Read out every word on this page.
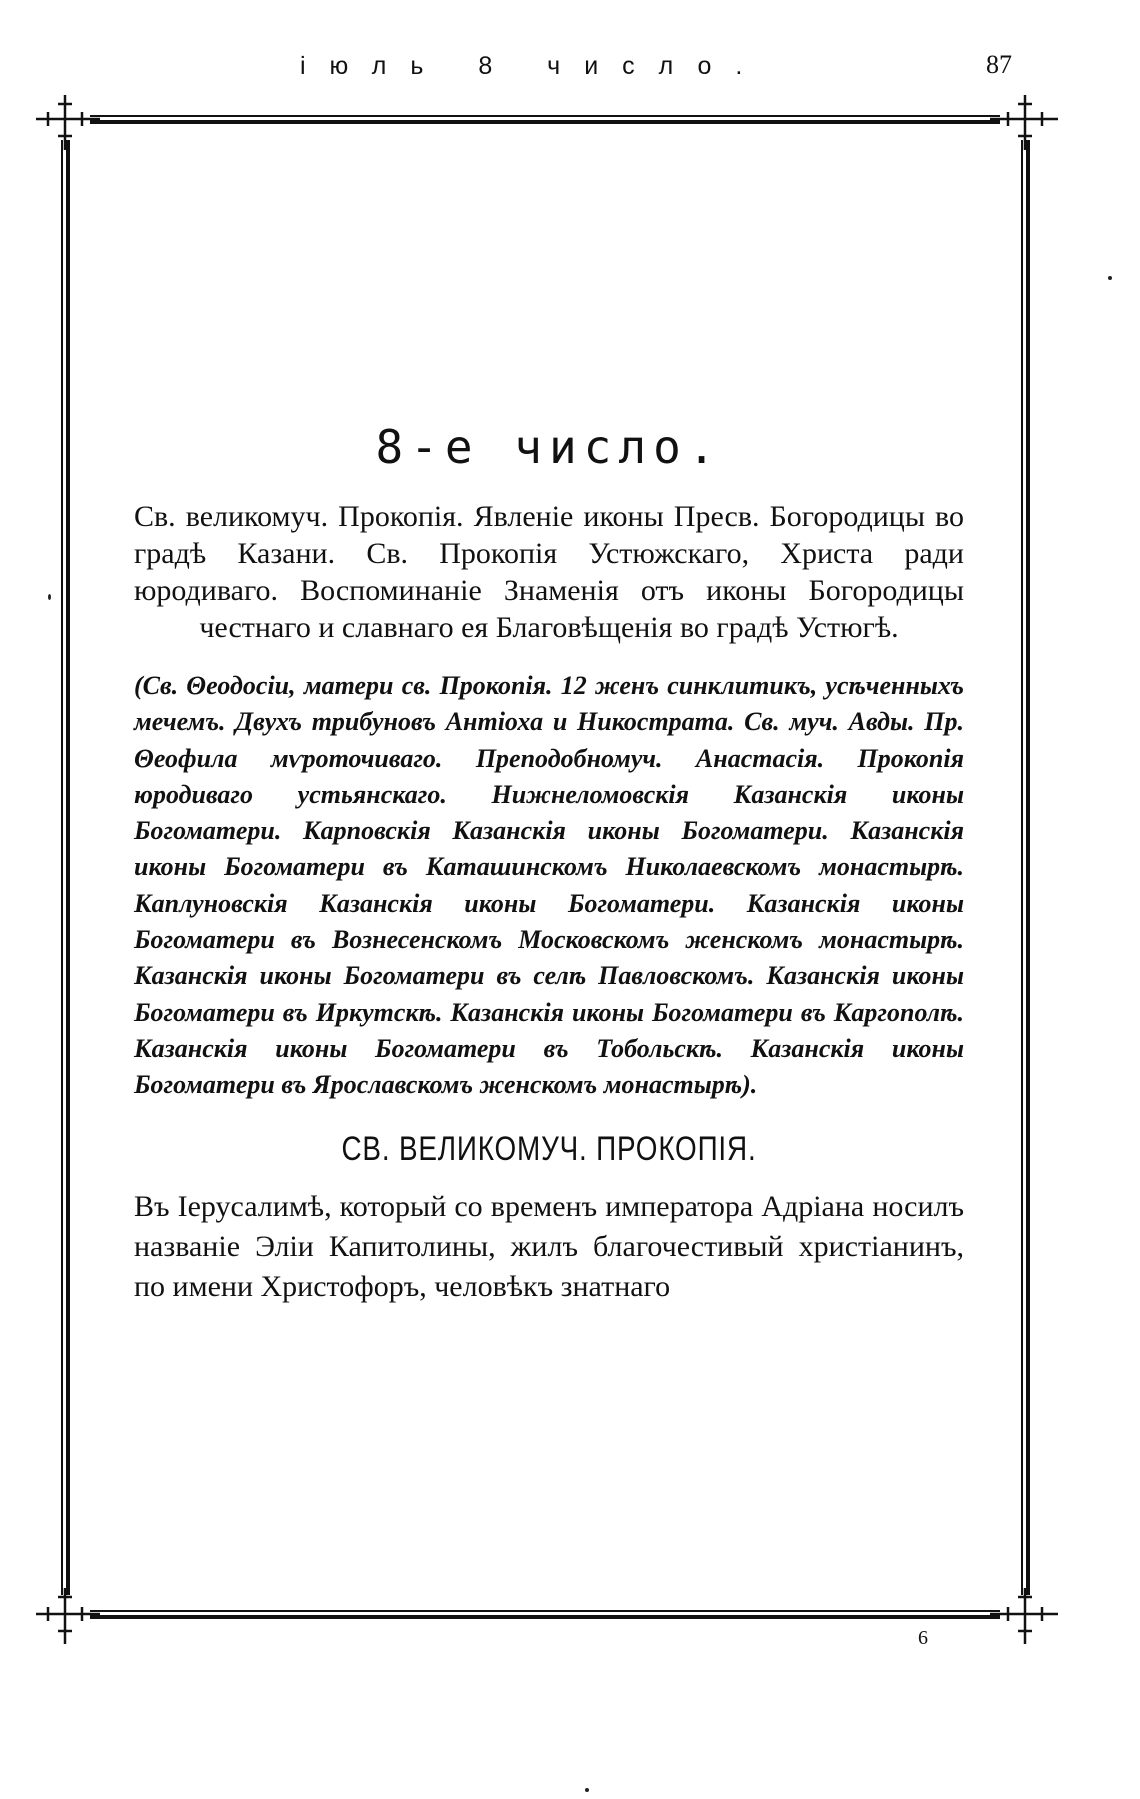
іюль 8 число.	87
8-е число.

Св. великомуч. Прокопія. Явленіе иконы Пресв. Богородицы во градѣ Казани. Св. Прокопія Устюжскаго, Христа ради юродиваго. Воспоминаніе Знаменія отъ иконы Богородицы честнаго и славнаго ея Благовѣщенія во градѣ Устюгѣ.

(Св. Θеодосіи, матери св. Прокопія. 12 женъ синклитикъ, усѣченныхъ мечемъ. Двухъ трибуновъ Антіоха и Никострата. Св. муч. Авды. Пр. Θеофила мѵроточиваго. Преподобномуч. Анастасія. Прокопія юродиваго устьянскаго. Нижнеломовскія Казанскія иконы Богоматери. Карповскія Казанскія иконы Богоматери. Казанскія иконы Богоматери въ Каташинскомъ Николаевскомъ монастырѣ. Каплуновскія Казанскія иконы Богоматери. Казанскія иконы Богоматери въ Вознесенскомъ Московскомъ женскомъ монастырѣ. Казанскія иконы Богоматери въ селѣ Павловскомъ. Казанскія иконы Богоматери въ Иркутскѣ. Казанскія иконы Богоматери въ Каргополѣ. Казанскія иконы Богоматери въ Тобольскѣ. Казанскія иконы Богоматери въ Ярославскомъ женскомъ монастырѣ).

СВ. ВЕЛИКОМУЧ. ПРОКОПІЯ.

Въ Іерусалимѣ, который со временъ императора Адріана носилъ названіе Эліи Капитолины, жилъ благочестивый христіанинъ, по имени Христофоръ, человѣкъ знатнаго

6
